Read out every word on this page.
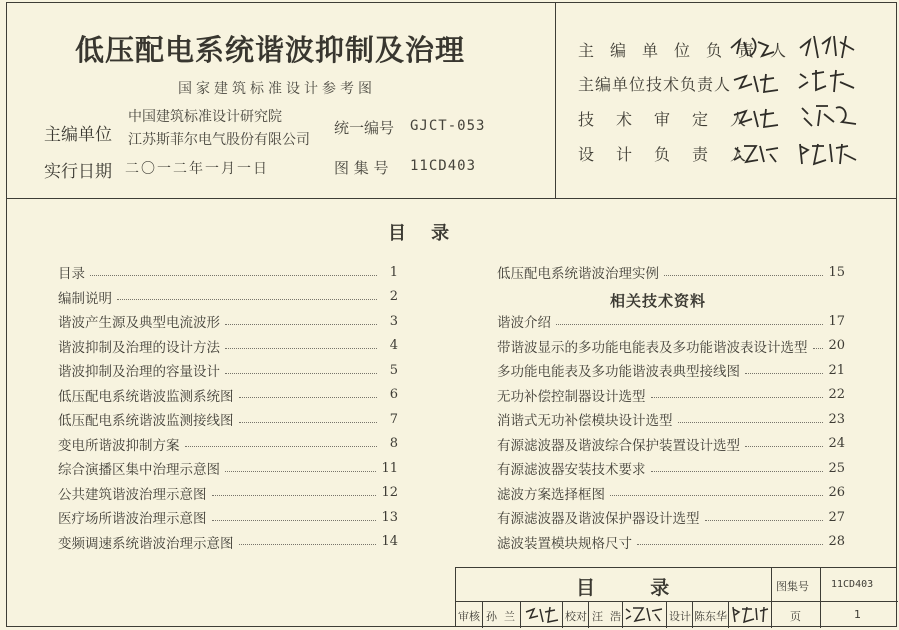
低压配电系统谐波抑制及治理
国家建筑标准设计参考图
主编单位
中国建筑标准设计研究院
江苏斯菲尔电气股份有限公司
统一编号 GJCT-053
实行日期 二〇一二年一月一日	图 集 号 11CD403
主编单位负责人
主编单位技术负责人
技术审定人
设计负责人
目    录
目录	1
编制说明	2
谐波产生源及典型电流波形	3
谐波抑制及治理的设计方法	4
谐波抑制及治理的容量设计	5
低压配电系统谐波监测系统图	6
低压配电系统谐波监测接线图	7
变电所谐波抑制方案	8
综合演播区集中治理示意图	11
公共建筑谐波治理示意图	12
医疗场所谐波治理示意图	13
变频调速系统谐波治理示意图	14
谐波介绍	17
带谐波显示的多功能电能表及多功能谐波表设计选型 20
多功能电能表及多功能谐波表典型接线图	21
无功补偿控制器设计选型	22
消谐式无功补偿模块设计选型	23
有源滤波器及谐波综合保护装置设计选型	24
有源滤波器安装技术要求	25
滤波方案选择框图	26
有源滤波器及谐波保护器设计选型	27
滤波装置模块规格尺寸	28
低压配电系统谐波治理实例	15
相关技术资料
目  录	图集号 11CD403
审核 孙  兰	校对 汪  浩	设计 陈东华	页	1
